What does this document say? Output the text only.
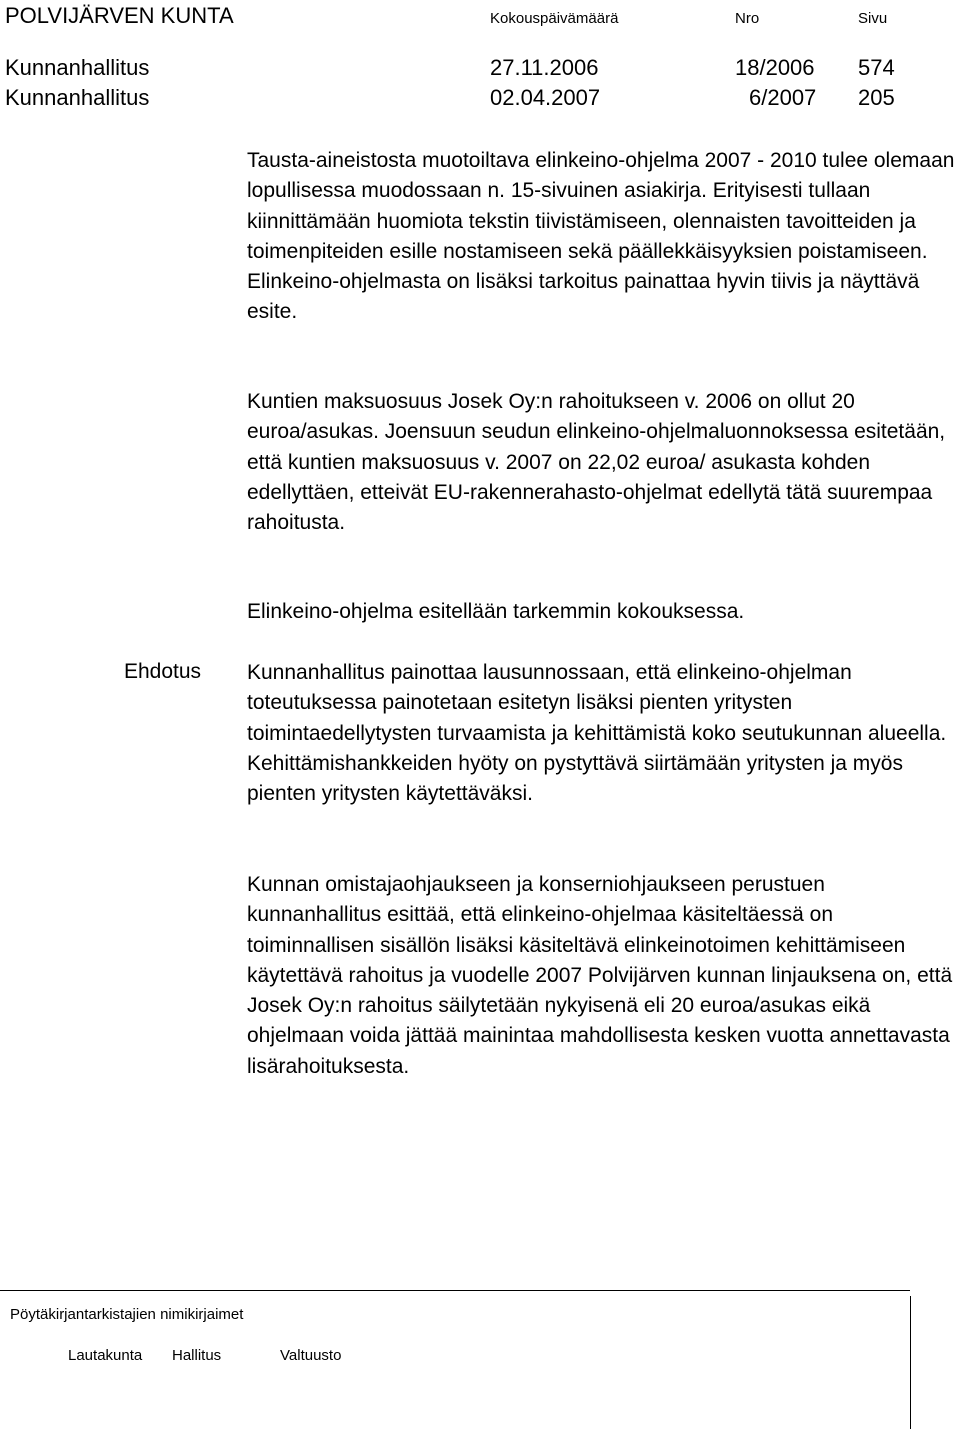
POLVIJÄRVEN KUNTA	Kokouspäivämäärä	Nro	Sivu
Kunnanhallitus	27.11.2006	18/2006 574
Kunnanhallitus	02.04.2007	6/2007 205

Tausta-aineistosta muotoiltava elinkeino-ohjelma 2007 - 2010 tulee olemaan lopullisessa muodossaan n. 15-sivuinen asiakirja. Erityisesti tullaan kiinnittämään huomiota tekstin tiivistämiseen, olennaisten tavoitteiden ja toimenpiteiden esille nostamiseen sekä päällekkäisyyksien poistamiseen. Elinkeino-ohjelmasta on lisäksi tarkoitus painattaa hyvin tiivis ja näyttävä esite.

Kuntien maksuosuus Josek Oy:n rahoitukseen v. 2006 on ollut 20 euroa/asukas. Joensuun seudun elinkeino-ohjelmaluonnoksessa esitetään, että kuntien maksuosuus v. 2007 on 22,02 euroa/ asukasta kohden edellyttäen, etteivät EU-rakennerahasto-ohjelmat edellytä tätä suurempaa rahoitusta.

Elinkeino-ohjelma esitellään tarkemmin kokouksessa.

Ehdotus Kunnanhallitus painottaa lausunnossaan, että elinkeino-ohjelman toteutuksessa painotetaan esitetyn lisäksi pienten yritysten toimintaedellytysten turvaamista ja kehittämistä koko seutukunnan alueella. Kehittämishankkeiden hyöty on pystyttävä siirtämään yritysten ja myös pienten yritysten käytettäväksi.

Kunnan omistajaohjaukseen ja konserniohjaukseen perustuen kunnanhallitus esittää, että elinkeino-ohjelmaa käsiteltäessä on toiminnallisen sisällön lisäksi käsiteltävä elinkeinotoimen kehittämiseen käytettävä rahoitus ja vuodelle 2007 Polvijärven kunnan linjauksena on, että Josek Oy:n rahoitus säilytetään nykyisenä eli 20 euroa/asukas eikä ohjelmaan voida jättää mainintaa mahdollisesta kesken vuotta annettavasta lisärahoituksesta.

Pöytäkirjantarkistajien nimikirjaimet
Lautakunta Hallitus	Valtuusto
